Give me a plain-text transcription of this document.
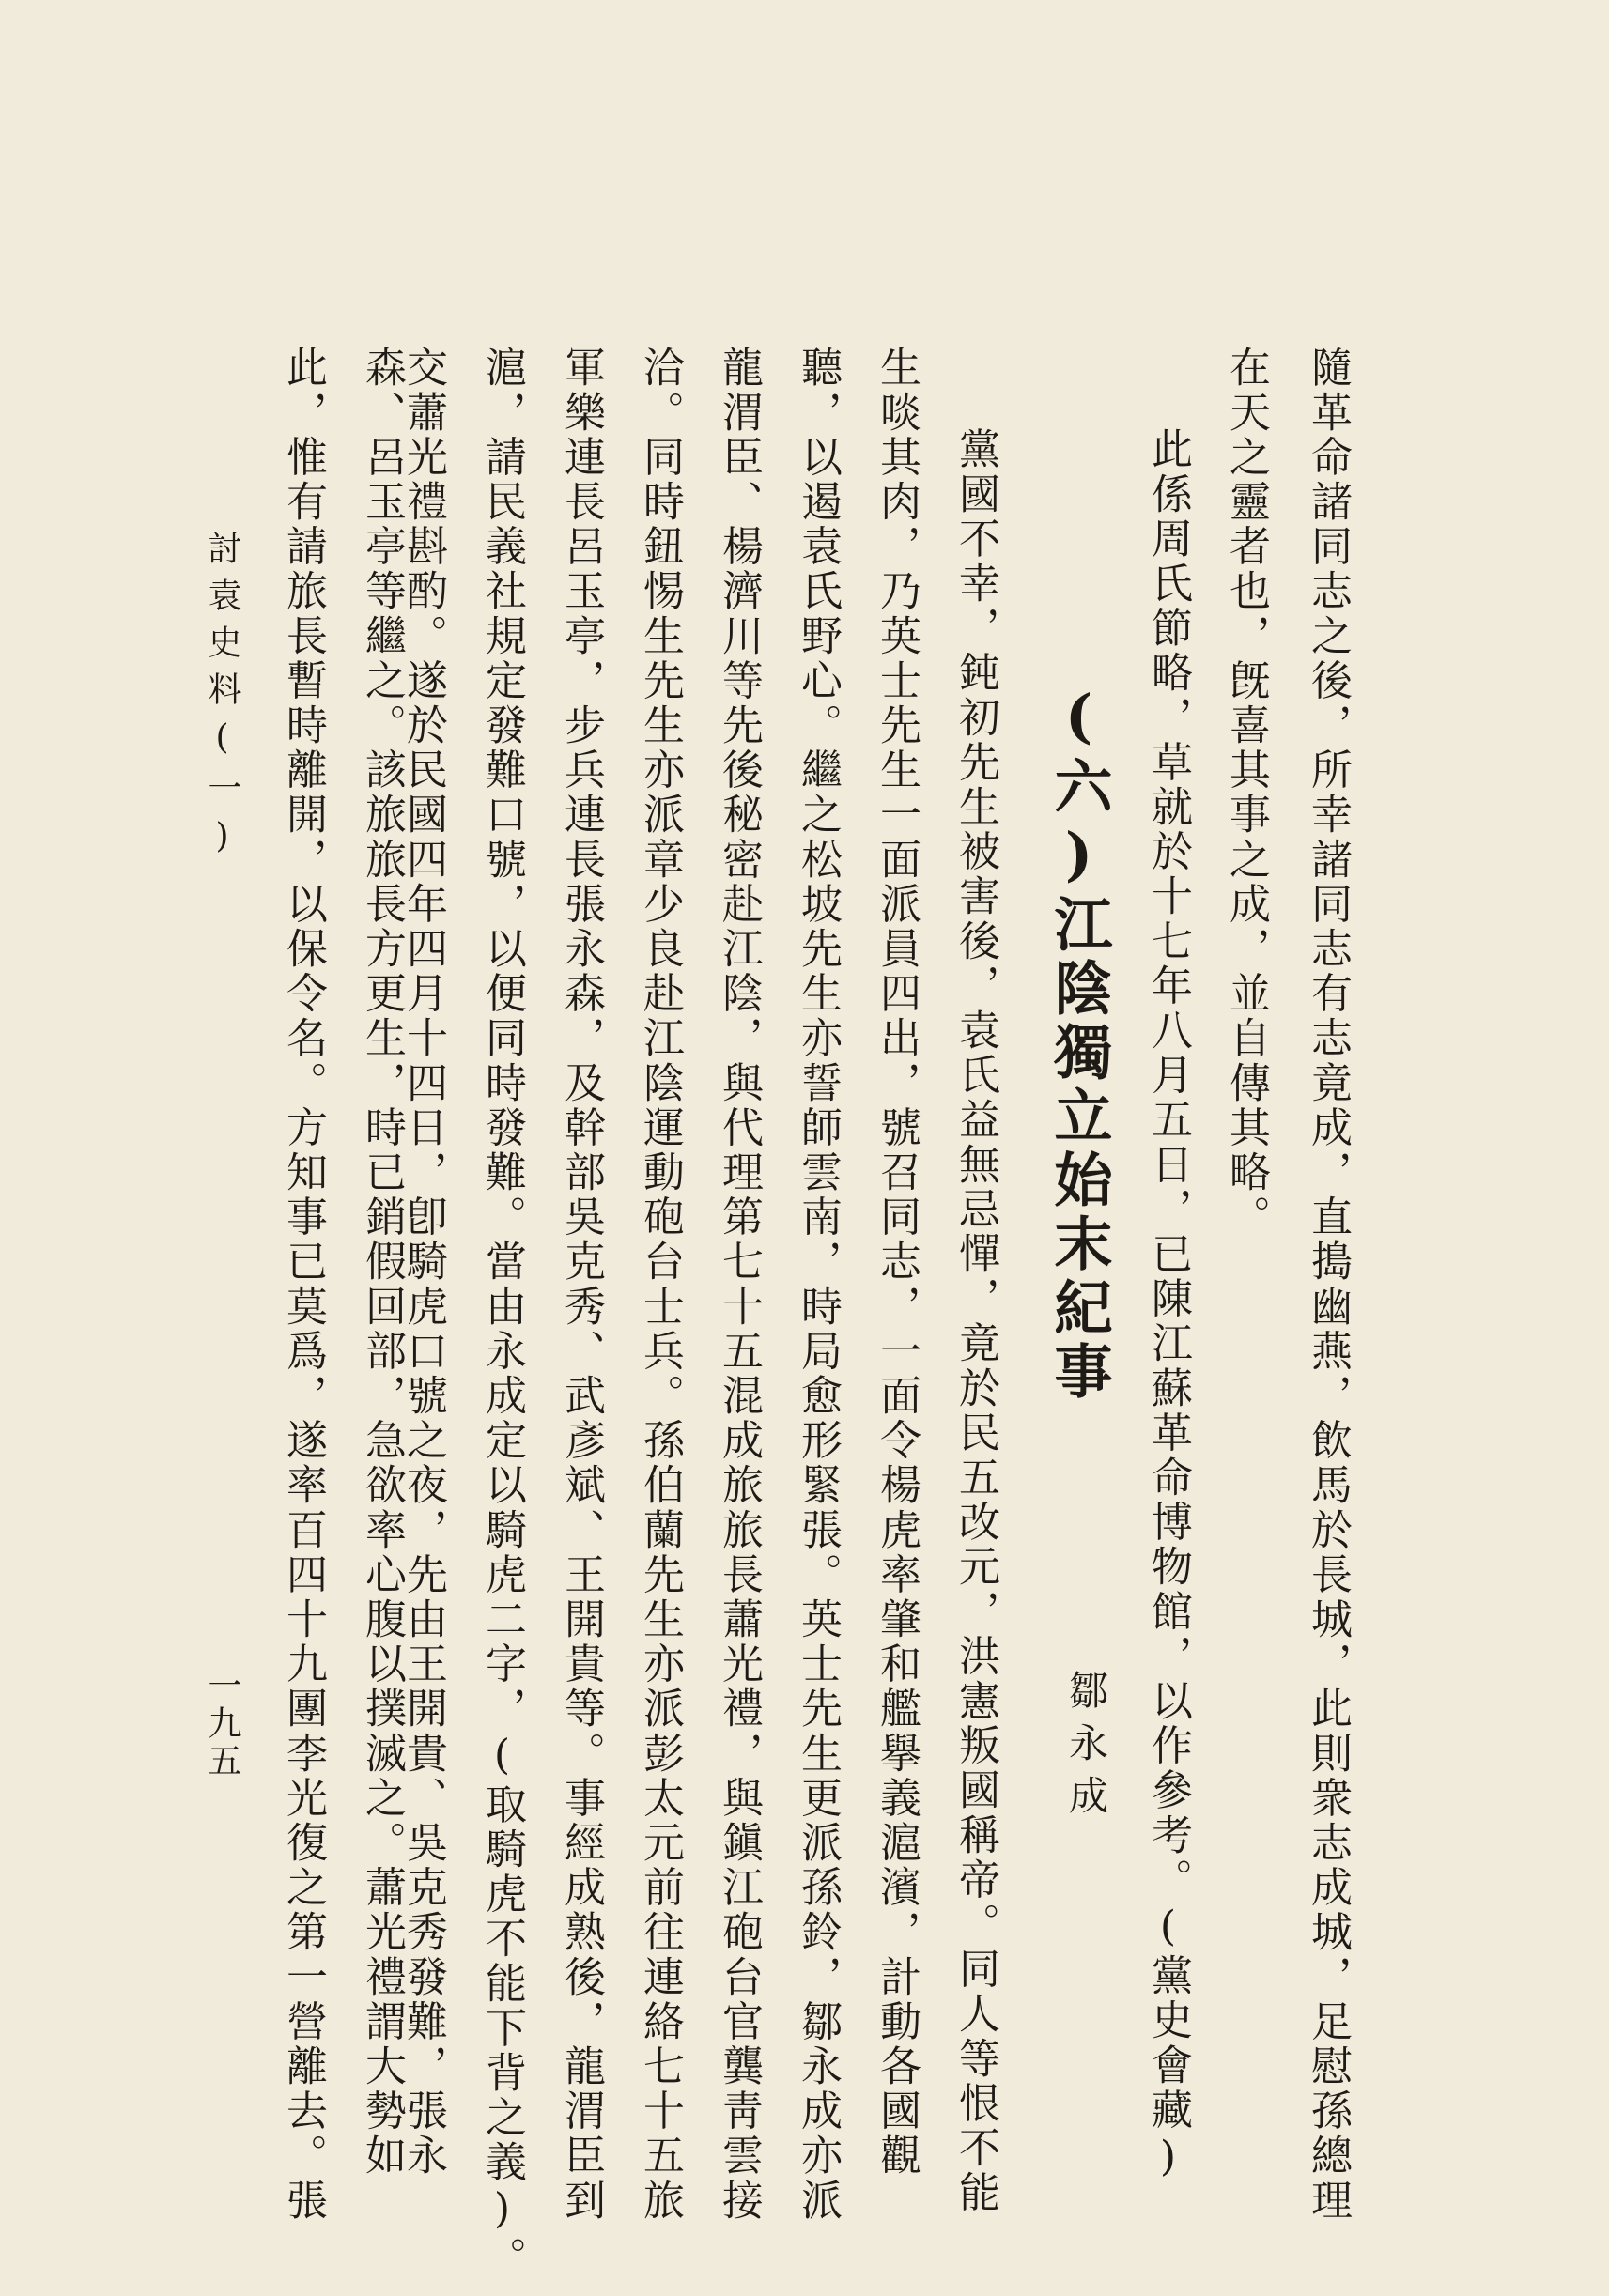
隨革命諸同志之後，所幸諸同志有志竟成，直搗幽燕，飲馬於長城，此則衆志成城，足慰孫總理
在天之靈者也，旣喜其事之成，並自傳其略。
此係周氏節略，草就於十七年八月五日，已陳江蘇革命博物館，以作參考。(黨史會藏)
(六)江陰獨立始末紀事
鄒永成
黨國不幸，鈍初先生被害後，袁氏益無忌憚，竟於民五改元，洪憲叛國稱帝。同人等恨不能
生啖其肉，乃英士先生一面派員四出，號召同志，一面令楊虎率肇和艦擧義滬濱，計動各國觀
聽，以遏袁氏野心。繼之松坡先生亦誓師雲南，時局愈形緊張。英士先生更派孫鈴，鄒永成亦派
龍渭臣、楊濟川等先後秘密赴江陰，與代理第七十五混成旅旅長蕭光禮，與鎭江砲台官龔靑雲接
洽。同時鈕惕生先生亦派章少良赴江陰運動砲台士兵。孫伯蘭先生亦派彭太元前往連絡七十五旅
軍樂連長呂玉亭，步兵連長張永森，及幹部吳克秀、武彥斌、王開貴等。事經成熟後，龍渭臣到
滬，請民義社規定發難口號，以便同時發難。當由永成定以騎虎二字，(取騎虎不能下背之義)。
交蕭光禮斟酌。遂於民國四年四月十四日，卽騎虎口號之夜，先由王開貴、吳克秀發難，張永
森、呂玉亭等繼之。該旅旅長方更生，時已銷假回部，急欲率心腹以撲滅之。蕭光禮謂大勢如
此，惟有請旅長暫時離開，以保令名。方知事已莫爲，遂率百四十九團李光復之第一營離去。張
討袁史料(一)
一九五
